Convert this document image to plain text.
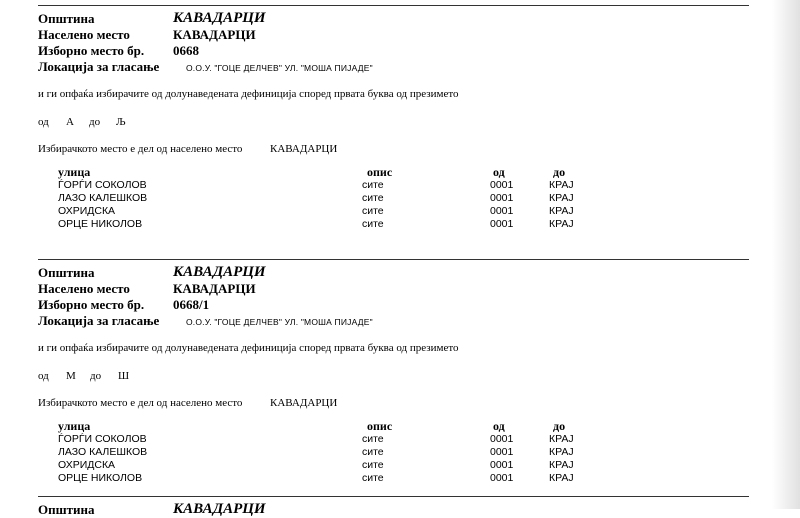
Општина	КАВАДАРЦИ
Населено место	КАВАДАРЦИ
Изборно место бр. 0668
Локација за гласање	О.О.У. "ГОЦЕ ДЕЛЧЕВ" УЛ. "МОША ПИЈАДЕ"
и ги опфаќа избирачите од долунаведената дефиниција според првата буква од презимето
од А до Љ
Избирачкото место е дел од населено место	КАВАДАРЦИ
улица	опис	од	до
ЃОРЃИ СОКОЛОВ	сите	0001	КРАЈ
ЛАЗО КАЛЕШКОВ	сите	0001	КРАЈ
ОХРИДСКА	сите	0001	КРАЈ
ОРЦЕ НИКОЛОВ	сите	0001	КРАЈ
Општина	КАВАДАРЦИ
Населено место	КАВАДАРЦИ
Изборно место бр. 0668/1
Локација за гласање	О.О.У. "ГОЦЕ ДЕЛЧЕВ" УЛ. "МОША ПИЈАДЕ"
и ги опфаќа избирачите од долунаведената дефиниција според првата буква од презимето
од М до Ш
Избирачкото место е дел од населено место	КАВАДАРЦИ
улица	опис	од	до
ЃОРЃИ СОКОЛОВ	сите	0001	КРАЈ
ЛАЗО КАЛЕШКОВ	сите	0001	КРАЈ
ОХРИДСКА	сите	0001	КРАЈ
ОРЦЕ НИКОЛОВ	сите	0001	КРАЈ
Општина	КАВАДАРЦИ
